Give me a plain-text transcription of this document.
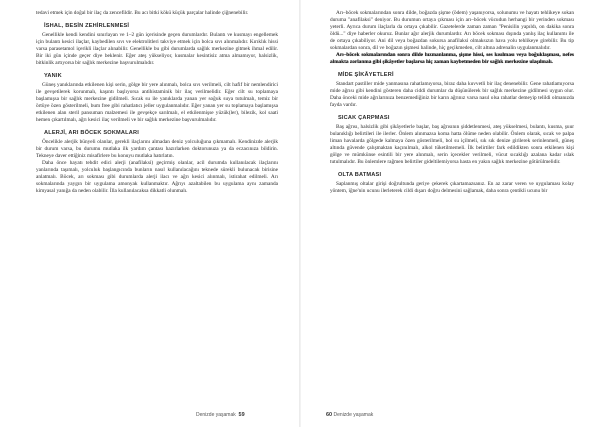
tedavi etmek için doğal bir ilaç da zencefildir. Bu acı bitki kökü küçük parçalar halinde çiğnenebilir.

İSHAL, BESİN ZEHİRLENMESİ

Genellikle kendi kendini sınırlayan ve 1–2 gün içerisinde geçen durumlardır. Bulantı ve kusmayı engellemek için bulantı kesici ilaçlar, kaybedilen sıvı ve elektrolitleri takviye etmek için bolca sıvı alınmalıdır. Kırıklık hissi varsa parasetamol içerikli ilaçlar alınabilir. Genellikle bu gibi durumlarda sağlık merkezine gitmek ihmal edilir. Bir iki gün içinde geçer diye beklenir. Eğer ateş yükseliyor, kusmalar kesintisiz atma almamıyor, halsizlik, bitkinlik artıyorsa bir sağlık merkezine başvurulmalıdır.

YANIK

Güneş yanıklarında etkilenen kişi serin, gölge bir yere alınmalı, bolca sıvı verilmeli, cilt hafif bir nemlendirici ile gevşetilerek korunmalı, kaşıntı başlıyorsa antihistaminik bir ilaç verilmelidir. Eğer cilt su toplamaya başlamışsa bir sağlık merkezine gidilmeli. Sıcak su ile yanıklarda yanan yer soğuk suya tutulmalı, temiz bir örtüye özen gösterilmeli, bum free gibi rahatlatıcı jeller uygulanmalıdır. Eğer yanan yer su toplamaya başlamışsa etkilenen alan steril pansuman malzemesi ile gevşekçe sarılmalı, el etkilenmişse yüzük(ler), bilezik, kol saati hemen çıkartılmalı, ağrı kesici ilaç verilmeli ve bir sağlık merkezine başvurulmalıdır.

ALERJİ, ARI BÖCEK SOKMALARI

Öncelikle alerjik bünyeli olanlar, gerekli ilaçlarını almadan deniz yolculuğuna çıkmamalı. Kendinizde alerjik bir durum varsa, bu durumu mutlaka ilk yardım çantası hazırlarken doktorunuza ya da eczacınıza bildirin. Tekneye daver ettiğiniz misafirlere bu konuyu mutlaka hatırlatın.

Daha önce hayatı tehdit edici alerji (anafilaksi) geçirmiş olanlar, acil durumda kullanılacak ilaçlarını yanlarında taşımalı, yolculuk başlangıcında bunların nasıl kullanılacağını teknede sürekli bulunacak birisine anlatmalı. Böcek, arı sokması gibi durumlarda alerji ilacı ve ağrı kesici alınmalı, istirahat edilmeli. Arı sokmalarında yaygın bir uygulama amonyak kullanmaktır. Ağrıyı azaltabilen bu uygulama aynı zamanda kimyasal yanığa da neden olabilir. İlla kullanılacaksa dikkatli olunmalı.

Arı–böcek sokmalarından sonra dilde, boğazda şişme (ödem) yaşanıyorsa, solunumu ve hayatı tehlikeye sokan duruma "anafilaksi" deniyor. Bu durumun ortaya çıkması için arı–böcek vücudun herhangi bir yerinden sokması yeterli. Ayrıca durum ilaçlarla da ortaya çıkabilir. Gazetelerde zaman zaman "Penisilin yapıldı, on dakika sonra öldü..." diye haberler okuruz. Bunlar ağır alerjik durumlardır. Arı böcek sokması dışında yanlış ilaç kullanımı ile de ortaya çıkabiliyor. Ani dil veya boğazdan sokursa anafilaksi olmaksızın hava yolu tehlikeye girebilir. Bu tip sokmalardan sonra, dil ve boğazın şişmesi halinde, hiç geçikmeden, cilt altına adrenalin uygulanmalıdır.

Arı–böcek sokmalarından sonra dilde hızmanlanma, şişme hissi, ses kısılması veya boğuklaşması, nefes almakta zorlanma gibi şikâyetler başlarsa hiç zaman kaybetmeden bir sağlık merkezine ulaşılmalı.

MİDE ŞİKÂYETLERİ

Standart pastiller mide yanmasına rahatlamıyorsa, biraz daha kuvvetli bir ilaç denenebilir. Gene rahatlamıyorsa mide ağrısı gibi kendini gösteren daha ciddi durumlar da düşünülerek bir sağlık merkezine gidilmesi uygun olur. Daha önceki mide ağrılarınıza benzemediğiniz bir karın ağrınız varsa nasıl olsa rahatlar demeyip telildi olmanızda fayda vardır.

SICAK ÇARPMASI

Baş ağrısı, halsizlik gibi şikâyetlerle başlar, baş ağrısının şiddetlenmesi, ateş yükselmesi, bulantı, kusma, şuur bulanıklığı belirtileri ile ilerler. Önlem alınmazsa koma hatta ölüme neden olabilir. Önlem olarak, sıcak ve palpa liman havalarda gölgede kalmaya özen gösterilmeli, bol su içilmeli, sık sık denize girilerek serinlenmeli, güneş altında güvende çalışmaktan kaçınılmalı, alkol tüketilmemeli. İlk belirtiler fark edildikten sonra etkilenen kişi gölge ve mümkünse esintili bir yere alınmalı, serin içecekler verilmeli, vücut sıcaklığı azalana kadar ıslak tutulmalıdır. Bu önlemlere rağmen belirtiler gideltilemiyorsa hasta en yakın sağlık merkezine götürülmelidir.

OLTA BATMASI

Saplanmış oltalar girişi doğrultunda geriye çekerek çıkartamazsanız. En az zarar veren ve uygulaması kolay yöntem, iğne'nin ucunu ilerleterek cildi dışarı doğru delmesini sağlamak, daha sonra çentikli ucunu bir

Denizde yaşamak 59	60 Denizde yaşamak
